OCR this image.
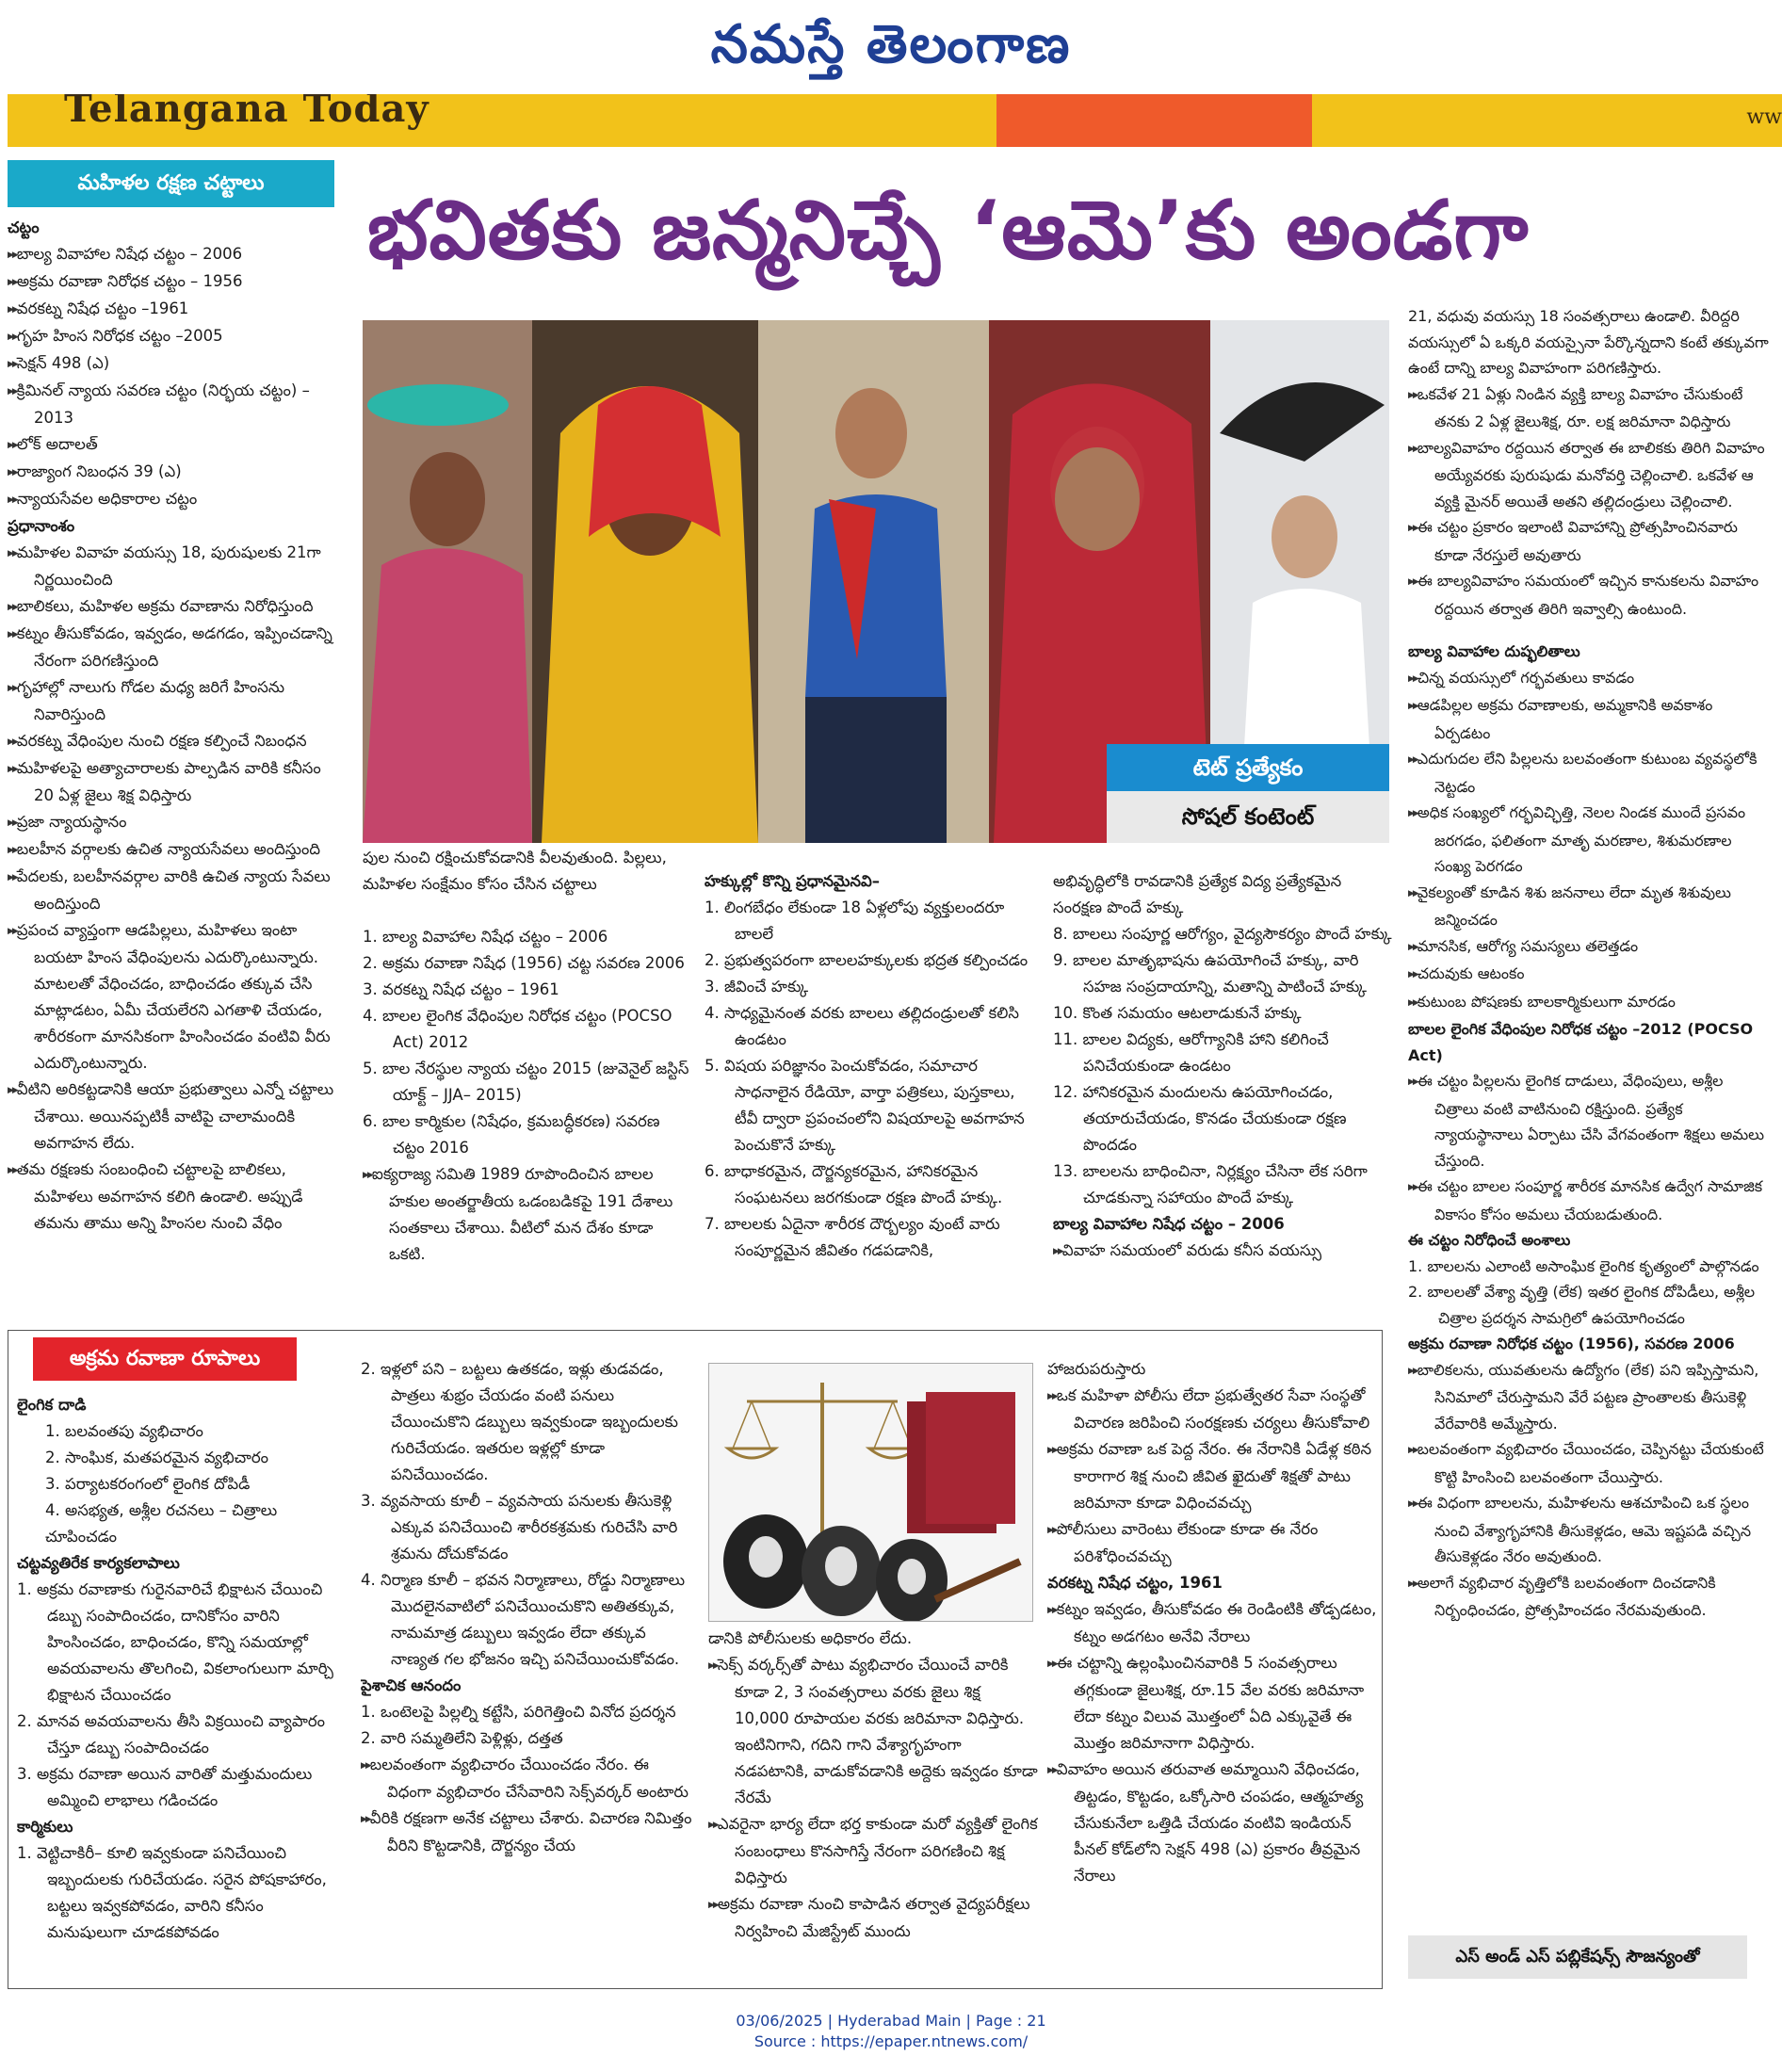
నమస్తే తెలంగాణ
Telangana Today	ww
భవితకు జన్మనిచ్చే ‘ఆమె’కు అండగా
మహిళల రక్షణ చట్టాలు

చట్టం

▶▶ బాల్య వివాహాల నిషేధ చట్టం – 2006

▶▶ అక్రమ రవాణా నిరోధక చట్టం – 1956

▶▶ వరకట్న నిషేధ చట్టం –1961

▶▶ గృహ హింస నిరోధక చట్టం –2005

▶▶ సెక్షన్ 498 (ఎ)

▶▶ క్రిమినల్ న్యాయ సవరణ చట్టం (నిర్భయ చట్టం) –2013

▶▶ లోక్ అదాలత్

▶▶ రాజ్యాంగ నిబంధన 39 (ఎ)

▶▶ న్యాయసేవల అధికారాల చట్టం

ప్రధానాంశం

▶▶ మహిళల వివాహ వయస్సు 18, పురుషులకు 21గా నిర్ణయించింది

▶▶ బాలికలు, మహిళల అక్రమ రవాణాను నిరోధిస్తుంది

▶▶ కట్నం తీసుకోవడం, ఇవ్వడం, అడగడం, ఇప్పించడాన్ని నేరంగా పరిగణిస్తుంది

▶▶ గృహాల్లో నాలుగు గోడల మధ్య జరిగే హింసను నివారిస్తుంది

▶▶ వరకట్న వేధింపుల నుంచి రక్షణ కల్పించే నిబంధన

▶▶ మహిళలపై అత్యాచారాలకు పాల్పడిన వారికి కనీసం 20 ఏళ్ల జైలు శిక్ష విధిస్తారు

▶▶ ప్రజా న్యాయస్థానం

▶▶ బలహీన వర్గాలకు ఉచిత న్యాయసేవలు అందిస్తుంది

▶▶ పేదలకు, బలహీనవర్గాల వారికి ఉచిత న్యాయ సేవలు అందిస్తుంది

▶▶ ప్రపంచ వ్యాప్తంగా ఆడపిల్లలు, మహిళలు ఇంటా బయటా హింస వేధింపులను ఎదుర్కొంటున్నారు. మాటలతో వేధించడం, బాధించడం తక్కువ చేసి మాట్లాడటం, ఏమీ చేయలేరని ఎగతాళి చేయడం, శారీరకంగా మానసికంగా హింసించడం వంటివి వీరు ఎదుర్కొంటున్నారు.

▶▶ వీటిని అరికట్టడానికి ఆయా ప్రభుత్వాలు ఎన్నో చట్టాలు చేశాయి. అయినప్పటికీ వాటిపై చాలామందికి అవగాహన లేదు.

▶▶ తమ రక్షణకు సంబంధించి చట్టాలపై బాలికలు, మహిళలు అవగాహన కలిగి ఉండాలి. అప్పుడే తమను తాము అన్ని హింసల నుంచి వేధిం

టెట్ ప్రత్యేకం
సోషల్ కంటెంట్

పుల నుంచి రక్షించుకోవడానికి వీలవుతుంది. పిల్లలు, మహిళల సంక్షేమం కోసం చేసిన చట్టాలు

1. బాల్య వివాహాల నిషేధ చట్టం – 2006

2. అక్రమ రవాణా నిషేధ (1956) చట్ట సవరణ 2006

3. వరకట్న నిషేధ చట్టం – 1961

4. బాలల లైంగిక వేధింపుల నిరోధక చట్టం (POCSO Act) 2012

5. బాల నేరస్థుల న్యాయ చట్టం 2015 (జువెనైల్ జస్టిస్ యాక్ట్ – JJA– 2015)

6. బాల కార్మికుల (నిషేధం, క్రమబద్ధీకరణ) సవరణ చట్టం 2016

▶▶ ఐక్యరాజ్య సమితి 1989 రూపొందించిన బాలల హకుల అంతర్జాతీయ ఒడంబడికపై 191 దేశాలు సంతకాలు చేశాయి. వీటిలో మన దేశం కూడా ఒకటి.

హక్కుల్లో కొన్ని ప్రధానమైనవి–

1. లింగబేధం లేకుండా 18 ఏళ్లలోపు వ్యక్తులందరూ బాలలే

2. ప్రభుత్వపరంగా బాలలహక్కులకు భద్రత కల్పించడం

3. జీవించే హక్కు

4. సాధ్యమైనంత వరకు బాలలు తల్లిదండ్రులతో కలిసి ఉండటం

5. విషయ పరిజ్ఞానం పెంచుకోవడం, సమాచార సాధనాలైన రేడియో, వార్తా పత్రికలు, పుస్తకాలు, టీవీ ద్వారా ప్రపంచంలోని విషయాలపై అవగాహన పెంచుకొనే హక్కు

6. బాధాకరమైన, దౌర్జన్యకరమైన, హానికరమైన సంఘటనలు జరగకుండా రక్షణ పొందే హక్కు.

7. బాలలకు ఏదైనా శారీరక దౌర్బల్యం వుంటే వారు సంపూర్ణమైన జీవితం గడపడానికి,

అభివృద్ధిలోకి రావడానికి ప్రత్యేక విద్య ప్రత్యేకమైన సంరక్షణ పొందే హక్కు

8. బాలలు సంపూర్ణ ఆరోగ్యం, వైద్యసౌకర్యం పొందే హక్కు

9. బాలల మాతృభాషను ఉపయోగించే హక్కు, వారి సహజ సంప్రదాయాన్ని, మతాన్ని పాటించే హక్కు

10. కొంత సమయం ఆటలాడుకునే హక్కు

11. బాలల విద్యకు, ఆరోగ్యానికి హాని కలిగించే పనిచేయకుండా ఉండటం

12. హానికరమైన మందులను ఉపయోగించడం, తయారుచేయడం, కొనడం చేయకుండా రక్షణ పొందడం

13. బాలలను బాధించినా, నిర్లక్ష్యం చేసినా లేక సరిగా చూడకున్నా సహాయం పొందే హక్కు

బాల్య వివాహాల నిషేధ చట్టం – 2006

▶▶ వివాహ సమయంలో వరుడు కనీస వయస్సు

21, వధువు వయస్సు 18 సంవత్సరాలు ఉండాలి. వీరిద్దరి వయస్సులో ఏ ఒక్కరి వయస్సైనా పేర్కొన్నదాని కంటే తక్కువగా ఉంటే దాన్ని బాల్య వివాహంగా పరిగణిస్తారు.

▶▶ ఒకవేళ 21 ఏళ్లు నిండిన వ్యక్తి బాల్య వివాహం చేసుకుంటే తనకు 2 ఏళ్ల జైలుశిక్ష, రూ. లక్ష జరిమానా విధిస్తారు

▶▶ బాల్యవివాహం రద్దయిన తర్వాత ఈ బాలికకు తిరిగి వివాహం అయ్యేవరకు పురుషుడు మనోవర్తి చెల్లించాలి. ఒకవేళ ఆ వ్యక్తి మైనర్ అయితే అతని తల్లిదండ్రులు చెల్లించాలి.

▶▶ ఈ చట్టం ప్రకారం ఇలాంటి వివాహాన్ని ప్రోత్సహించినవారు కూడా నేరస్తులే అవుతారు

▶▶ ఈ బాల్యవివాహం సమయంలో ఇచ్చిన కానుకలను వివాహం రద్దయిన తర్వాత తిరిగి ఇవ్వాల్సి ఉంటుంది.

బాల్య వివాహాల దుష్ఫలితాలు

▶▶ చిన్న వయస్సులో గర్భవతులు కావడం

▶▶ ఆడపిల్లల అక్రమ రవాణాలకు, అమ్మకానికి అవకాశం ఏర్పడటం

▶▶ ఎదుగుదల లేని పిల్లలను బలవంతంగా కుటుంబ వ్యవస్థలోకి నెట్టడం

▶▶ అధిక సంఖ్యలో గర్భవిచ్ఛిత్తి, నెలల నిండక ముందే ప్రసవం జరగడం, ఫలితంగా మాతృ మరణాల, శిశుమరణాల సంఖ్య పెరగడం

▶▶ వైకల్యంతో కూడిన శిశు జననాలు లేదా మృత శిశువులు జన్మించడం

▶▶ మానసిక, ఆరోగ్య సమస్యలు తలెత్తడం

▶▶ చదువుకు ఆటంకం

▶▶ కుటుంబ పోషణకు బాలకార్మికులుగా మారడం

బాలల లైంగిక వేధింపుల నిరోధక చట్టం –2012 (POCSO Act)

▶▶ ఈ చట్టం పిల్లలను లైంగిక దాడులు, వేధింపులు, అశ్లీల చిత్రాలు వంటి వాటినుంచి రక్షిస్తుంది. ప్రత్యేక న్యాయస్థానాలు ఏర్పాటు చేసి వేగవంతంగా శిక్షలు అమలు చేస్తుంది.

▶▶ ఈ చట్టం బాలల సంపూర్ణ శారీరక మానసిక ఉద్వేగ సామాజిక వికాసం కోసం అమలు చేయబడుతుంది.

ఈ చట్టం నిరోధించే అంశాలు

1. బాలలను ఎలాంటి అసాంఘిక లైంగిక కృత్యంలో పాల్గొనడం

2. బాలలతో వేశ్యా వృత్తి (లేక) ఇతర లైంగిక దోపిడీలు, అశ్లీల చిత్రాల ప్రదర్శన సామగ్రిలో ఉపయోగించడం

అక్రమ రవాణా నిరోధక చట్టం (1956), సవరణ 2006

▶▶ బాలికలను, యువతులను ఉద్యోగం (లేక) పని ఇప్పిస్తామని, సినిమాలో చేరుస్తామని వేరే పట్టణ ప్రాంతాలకు తీసుకెళ్లి వేరేవారికి అమ్మేస్తారు.

▶▶ బలవంతంగా వ్యభిచారం చేయించడం, చెప్పినట్టు చేయకుంటే కొట్టి హింసించి బలవంతంగా చేయిస్తారు.

▶▶ ఈ విధంగా బాలలను, మహిళలను ఆశచూపించి ఒక స్థలం నుంచి వేశ్యాగృహానికి తీసుకెళ్లడం, ఆమె ఇష్టపడి వచ్చిన తీసుకెళ్లడం నేరం అవుతుంది.

▶▶ అలాగే వ్యభిచార వృత్తిలోకి బలవంతంగా దించడానికి నిర్బంధించడం, ప్రోత్సహించడం నేరమవుతుంది.

అక్రమ రవాణా రూపాలు

లైంగిక దాడి

1. బలవంతపు వ్యభిచారం

2. సాంఘిక, మతపరమైన వ్యభిచారం

3. పర్యాటకరంగంలో లైంగిక దోపిడీ

4. అసభ్యత, అశ్లీల రచనలు – చిత్రాలు చూపించడం

చట్టవ్యతిరేక కార్యకలాపాలు

1. అక్రమ రవాణాకు గురైనవారిచే భిక్షాటన చేయించి డబ్బు సంపాదించడం, దానికోసం వారిని హింసించడం, బాధించడం, కొన్ని సమయాల్లో అవయవాలను తొలగించి, వికలాంగులుగా మార్చి భిక్షాటన చేయించడం

2. మానవ అవయవాలను తీసి విక్రయించి వ్యాపారం చేస్తూ డబ్బు సంపాదించడం

3. అక్రమ రవాణా అయిన వారితో మత్తుమందులు అమ్మించి లాభాలు గడించడం

కార్మికులు

1. వెట్టిచాకిరీ– కూలి ఇవ్వకుండా పనిచేయించి ఇబ్బందులకు గురిచేయడం. సరైన పోషకాహారం, బట్టలు ఇవ్వకపోవడం, వారిని కనీసం మనుషులుగా చూడకపోవడం

2. ఇళ్లలో పని – బట్టలు ఉతకడం, ఇళ్లు తుడవడం, పాత్రలు శుభ్రం చేయడం వంటి పనులు చేయించుకొని డబ్బులు ఇవ్వకుండా ఇబ్బందులకు గురిచేయడం. ఇతరుల ఇళ్లల్లో కూడా పనిచేయించడం.

3. వ్యవసాయ కూలీ – వ్యవసాయ పనులకు తీసుకెళ్లి ఎక్కువ పనిచేయించి శారీరకశ్రమకు గురిచేసి వారి శ్రమను దోచుకోవడం

4. నిర్మాణ కూలీ – భవన నిర్మాణాలు, రోడ్డు నిర్మాణాలు మొదలైనవాటిలో పనిచేయించుకొని అతితక్కువ, నామమాత్ర డబ్బులు ఇవ్వడం లేదా తక్కువ నాణ్యత గల భోజనం ఇచ్చి పనిచేయించుకోవడం.

పైశాచిక ఆనందం

1. ఒంటెలపై పిల్లల్ని కట్టేసి, పరిగెత్తించి వినోద ప్రదర్శన

2. వారి సమ్మతిలేని పెళ్లిళ్లు, దత్తత

▶▶ బలవంతంగా వ్యభిచారం చేయించడం నేరం. ఈ విధంగా వ్యభిచారం చేసేవారిని సెక్స్‌వర్కర్ అంటారు

▶▶ వీరికి రక్షణగా అనేక చట్టాలు చేశారు. విచారణ నిమిత్తం వీరిని కొట్టడానికి, దౌర్జన్యం చేయ

డానికి పోలీసులకు అధికారం లేదు.

▶▶ సెక్స్ వర్కర్స్‌తో పాటు వ్యభిచారం చేయించే వారికి కూడా 2, 3 సంవత్సరాలు వరకు జైలు శిక్ష 10,000 రూపాయల వరకు జరిమానా విధిస్తారు. ఇంటినిగాని, గదిని గాని వేశ్యాగృహంగా నడపటానికి, వాడుకోవడానికి అద్దెకు ఇవ్వడం కూడా నేరమే

▶▶ ఎవరైనా భార్య లేదా భర్త కాకుండా మరో వ్యక్తితో లైంగిక సంబంధాలు కొనసాగిస్తే నేరంగా పరిగణించి శిక్ష విధిస్తారు

▶▶ అక్రమ రవాణా నుంచి కాపాడిన తర్వాత వైద్యపరీక్షలు నిర్వహించి మేజిస్ట్రేట్ ముందు

హాజరుపరుస్తారు

▶▶ ఒక మహిళా పోలీసు లేదా ప్రభుత్వేతర సేవా సంస్థతో విచారణ జరిపించి సంరక్షణకు చర్యలు తీసుకోవాలి

▶▶ అక్రమ రవాణా ఒక పెద్ద నేరం. ఈ నేరానికి ఏడేళ్ల కఠిన కారాగార శిక్ష నుంచి జీవిత ఖైదుతో శిక్షతో పాటు జరిమానా కూడా విధించవచ్చు

▶▶ పోలీసులు వారెంటు లేకుండా కూడా ఈ నేరం పరిశోధించవచ్చు

వరకట్న నిషేధ చట్టం, 1961

▶▶ కట్నం ఇవ్వడం, తీసుకోవడం ఈ రెండింటికి తోడ్పడటం, కట్నం అడగటం అనేవి నేరాలు

▶▶ ఈ చట్టాన్ని ఉల్లంఘించినవారికి 5 సంవత్సరాలు తగ్గకుండా జైలుశిక్ష, రూ.15 వేల వరకు జరిమానా లేదా కట్నం విలువ మొత్తంలో ఏది ఎక్కువైతే ఈ మొత్తం జరిమానాగా విధిస్తారు.

▶▶ వివాహం అయిన తరువాత అమ్మాయిని వేధించడం, తిట్టడం, కొట్టడం, ఒక్కోసారి చంపడం, ఆత్మహత్య చేసుకునేలా ఒత్తిడి చేయడం వంటివి ఇండియన్ పీనల్ కోడ్‌లోని సెక్షన్ 498 (ఎ) ప్రకారం తీవ్రమైన నేరాలు

ఎస్ అండ్ ఎస్ పబ్లికేషన్స్ సౌజన్యంతో
03/06/2025 | Hyderabad Main | Page : 21
Source : https://epaper.ntnews.com/
